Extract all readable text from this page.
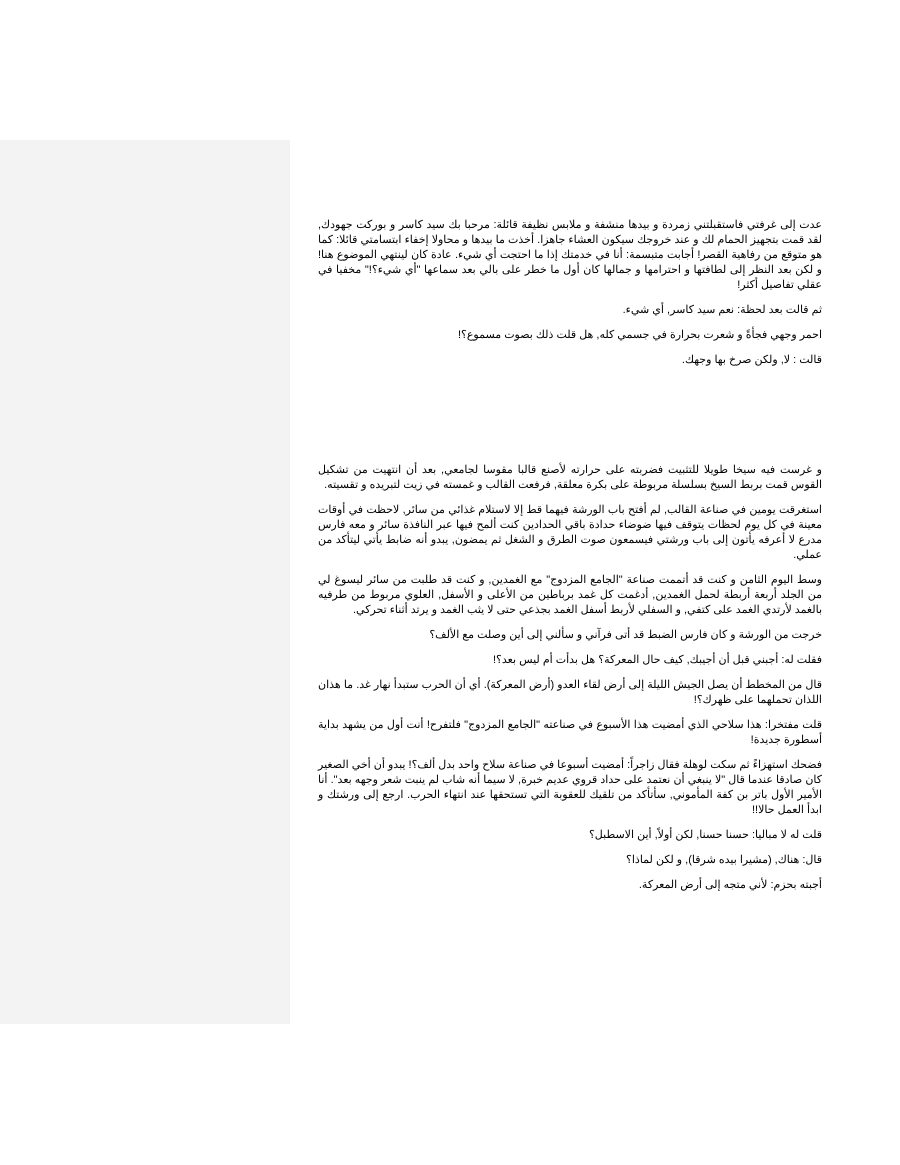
عدت إلى غرفتي فاستقبلتني زمردة و بيدها منشفة و ملابس نظيفة قائلة: مرحبا بك سيد كاسر و بوركت جهودك, لقد قمت بتجهيز الحمام لك و عند خروجك سيكون العشاء جاهزا. أخذت ما بيدها و محاولا إخفاء ابتسامتي قائلا: كما هو متوقع من رفاهية القصر! أجابت متبسمة: أنا في خدمتك إذا ما احتجت أي شيء. عادة كان لينتهي الموضوع هنا! و لكن بعد النظر إلى لطافتها و احترامها و جمالها كان أول ما خطر على بالي بعد سماعها "أي شيء؟!" مخفيا في عقلي تفاصيل أكثر!

ثم قالت بعد لحظة: نعم سيد كاسر, أي شيء.

احمر وجهي فجأةً و شعرت بحرارة في جسمي كله, هل قلت ذلك بصوت مسموع؟!

قالت : لا, ولكن صرخ بها وجهك.

و غرست فيه سيخا طويلا للتثبيت فضربته على حرارته لأصنع قالبا مقوسا لجامعي, بعد أن انتهيت من تشكيل القوس قمت بربط السيخ بسلسلة مربوطة على بكرة معلقة, فرفعت القالب و غمسته في زيت لتبريده و تقسيته.

استغرقت يومين في صناعة القالب, لم أفتح باب الورشة فيهما قط إلا لاستلام غذائي من سائر, لاحظت في أوقات معينة في كل يوم لحظات يتوقف فيها ضوضاء حدادة باقي الحدادين كنت ألمح فيها عبر النافذة سائر و معه فارس مدرع لا أعرفه يأتون إلى باب ورشتي فيسمعون صوت الطرق و الشغل ثم يمضون, يبدو أنه ضابط يأتي ليتأكد من عملي.

وسط اليوم الثامن و كنت قد أتممت صناعة "الجامع المزدوج" مع الغمدين, و كنت قد طلبت من سائر ليسوغ لي من الجلد أربعة أربطة لحمل الغمدين, أدغمت كل غمد برباطين من الأعلى و الأسفل, العلوي مربوط من طرفيه بالغمد لأرتدي الغمد على كتفي, و السفلي لأربط أسفل الغمد بجذعي حتى لا يثب الغمد و يرتد أثناء تحركي.

خرجت من الورشة و كان فارس الضبط قد أتى فرآني و سألني إلى أين وصلت مع الألف؟

فقلت له: أجبني قبل أن أجيبك, كيف حال المعركة؟ هل بدأت أم ليس بعد؟!

قال من المخطط أن يصل الجيش الليلة إلى أرض لقاء العدو (أرض المعركة). أي أن الحرب ستبدأ نهار غد. ما هذان اللذان تحملهما على ظهرك؟!

قلت مفتخرا: هذا سلاحي الذي أمضيت هذا الأسبوع في صناعته "الجامع المزدوج" فلتفرح! أنت أول من يشهد بداية أسطورة جديدة!

فضحك استهزاءً ثم سكت لوهلة فقال زاجراً: أمضيت أسبوعا في صناعة سلاح واحد بدل ألف؟! يبدو أن أخي الصغير كان صادقا عندما قال "لا ينبغي أن نعتمد على حداد قروي عديم خبرة, لا سيما أنه شاب لم ينبت شعر وجهه بعد". أنا الأمير الأول باتر بن كفة المأموني, سأتأكد من تلقيك للعقوبة التي تستحقها عند انتهاء الحرب. ارجع إلى ورشتك و ابدأ العمل حالا!!

قلت له لا مباليا: حسنا حسنا, لكن أولاً, أين الاسطبل؟

قال: هناك, (مشيرا بيده شرقا), و لكن لماذا؟

أجبته بحزم: لأني متجه إلى أرض المعركة.
